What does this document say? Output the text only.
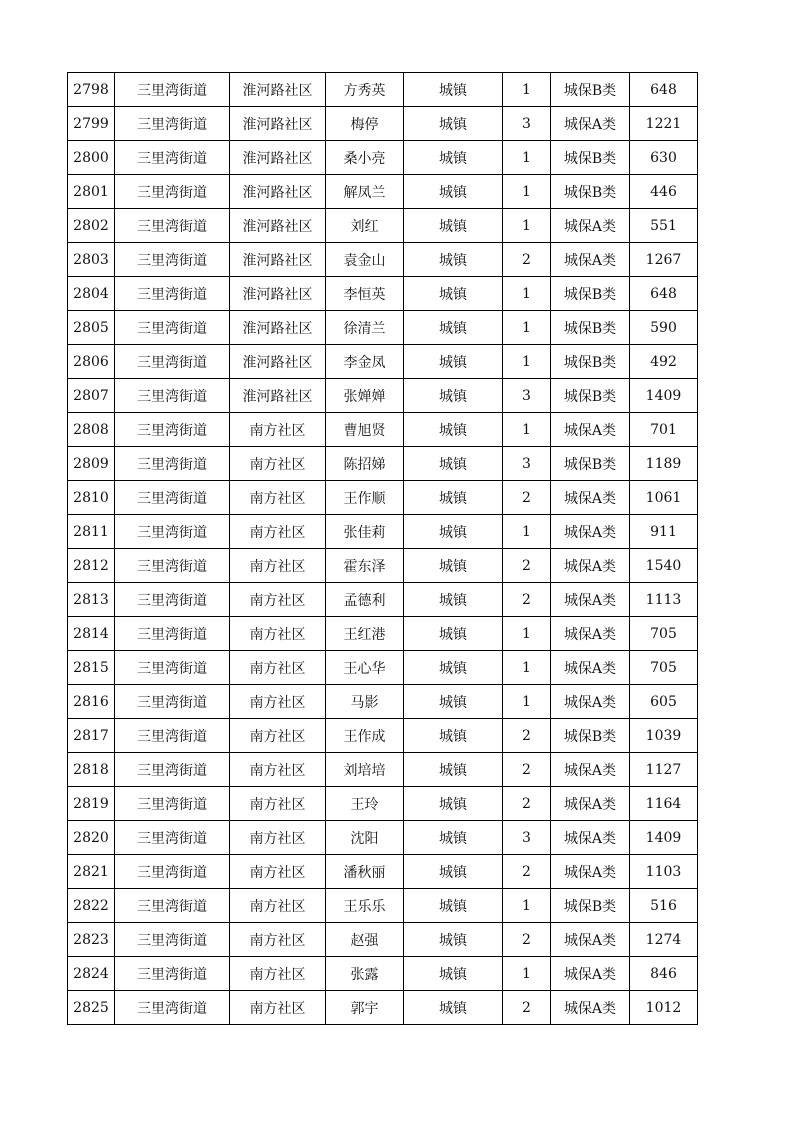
2798	三里湾街道	淮河路社区	方秀英	城镇	1	城保B类	648
2799	三里湾街道	淮河路社区	梅停	城镇	3	城保A类	1221
2800	三里湾街道	淮河路社区	桑小亮	城镇	1	城保B类	630
2801	三里湾街道	淮河路社区	解凤兰	城镇	1	城保B类	446
2802	三里湾街道	淮河路社区	刘红	城镇	1	城保A类	551
2803	三里湾街道	淮河路社区	袁金山	城镇	2	城保A类	1267
2804	三里湾街道	淮河路社区	李恒英	城镇	1	城保B类	648
2805	三里湾街道	淮河路社区	徐清兰	城镇	1	城保B类	590
2806	三里湾街道	淮河路社区	李金凤	城镇	1	城保B类	492
2807	三里湾街道	淮河路社区	张婵婵	城镇	3	城保B类	1409
2808	三里湾街道	南方社区	曹旭贤	城镇	1	城保A类	701
2809	三里湾街道	南方社区	陈招娣	城镇	3	城保B类	1189
2810	三里湾街道	南方社区	王作顺	城镇	2	城保A类	1061
2811	三里湾街道	南方社区	张佳莉	城镇	1	城保A类	911
2812	三里湾街道	南方社区	霍东泽	城镇	2	城保A类	1540
2813	三里湾街道	南方社区	孟德利	城镇	2	城保A类	1113
2814	三里湾街道	南方社区	王红港	城镇	1	城保A类	705
2815	三里湾街道	南方社区	王心华	城镇	1	城保A类	705
2816	三里湾街道	南方社区	马影	城镇	1	城保A类	605
2817	三里湾街道	南方社区	王作成	城镇	2	城保B类	1039
2818	三里湾街道	南方社区	刘培培	城镇	2	城保A类	1127
2819	三里湾街道	南方社区	王玲	城镇	2	城保A类	1164
2820	三里湾街道	南方社区	沈阳	城镇	3	城保A类	1409
2821	三里湾街道	南方社区	潘秋丽	城镇	2	城保A类	1103
2822	三里湾街道	南方社区	王乐乐	城镇	1	城保B类	516
2823	三里湾街道	南方社区	赵强	城镇	2	城保A类	1274
2824	三里湾街道	南方社区	张露	城镇	1	城保A类	846
2825	三里湾街道	南方社区	郭宇	城镇	2	城保A类	1012
